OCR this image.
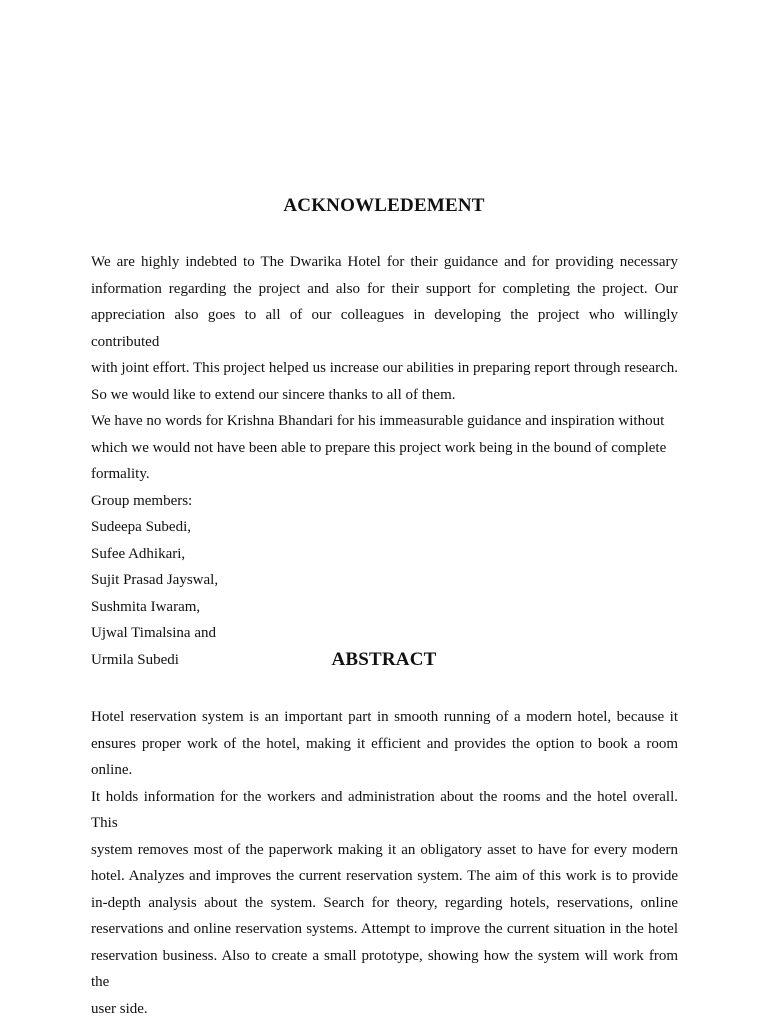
ACKNOWLEDEMENT
We are highly indebted to The Dwarika Hotel for their guidance and for providing necessary
information regarding the project and also for their support for completing the project. Our
appreciation also goes to all of our colleagues in developing the project who willingly contributed
with joint effort. This project helped us increase our abilities in preparing report through research.
So we would like to extend our sincere thanks to all of them.
We have no words for Krishna Bhandari for his immeasurable guidance and inspiration without
which we would not have been able to prepare this project work being in the bound of complete
formality.
Group members:
Sudeepa Subedi,
Sufee Adhikari,
Sujit Prasad Jayswal,
Sushmita Iwaram,
Ujwal Timalsina and
Urmila Subedi	ABSTRACT
Hotel reservation system is an important part in smooth running of a modern hotel, because it
ensures proper work of the hotel, making it efficient and provides the option to book a room online.
It holds information for the workers and administration about the rooms and the hotel overall. This
system removes most of the paperwork making it an obligatory asset to have for every modern
hotel. Analyzes and improves the current reservation system. The aim of this work is to provide
in-depth analysis about the system. Search for theory, regarding hotels, reservations, online
reservations and online reservation systems. Attempt to improve the current situation in the hotel
reservation business. Also to create a small prototype, showing how the system will work from the
user side.
